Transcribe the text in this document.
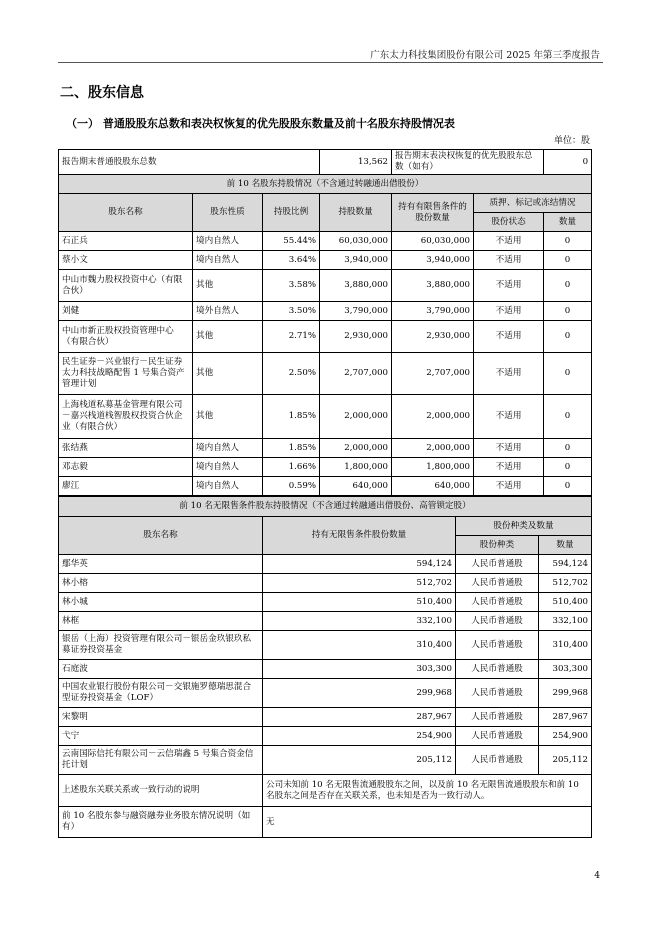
广东太力科技集团股份有限公司 2025 年第三季度报告
二、股东信息
（一） 普通股股东总数和表决权恢复的优先股股东数量及前十名股东持股情况表
单位：股
报告期末普通股股东总数			13,562	报告期末表决权恢复的优先股股东总数（如有）		0
前 10 名股东持股情况（不含通过转融通出借股份）						
股东名称	股东性质	持股比例	持股数量	持有有限售条件的股份数量	质押、标记或冻结情况	
					股份状态	数量
石正兵	境内自然人	55.44%	60,030,000	60,030,000	不适用	0
蔡小文	境内自然人	3.64%	3,940,000	3,940,000	不适用	0
中山市魏力股权投资中心（有限合伙）	其他	3.58%	3,880,000	3,880,000	不适用	0
刘健	境外自然人	3.50%	3,790,000	3,790,000	不适用	0
中山市新正股权投资管理中心（有限合伙）	其他	2.71%	2,930,000	2,930,000	不适用	0
民生证券－兴业银行－民生证券太力科技战略配售 1 号集合资产管理计划	其他	2.50%	2,707,000	2,707,000	不适用	0
上海栈道私募基金管理有限公司－嘉兴栈道栈智股权投资合伙企业（有限合伙）	其他	1.85%	2,000,000	2,000,000	不适用	0
张结燕	境内自然人	1.85%	2,000,000	2,000,000	不适用	0
邓志毅	境内自然人	1.66%	1,800,000	1,800,000	不适用	0
廖江	境内自然人	0.59%	640,000	640,000	不适用	0
前 10 名无限售条件股东持股情况（不含通过转融通出借股份、高管锁定股）			
股东名称	持有无限售条件股份数量	股份种类及数量	
		股份种类	数量
鄢华英	594,124	人民币普通股	594,124
林小榕	512,702	人民币普通股	512,702
林小城	510,400	人民币普通股	510,400
林框	332,100	人民币普通股	332,100
银岳（上海）投资管理有限公司－银岳金玖银玖私募证券投资基金	310,400	人民币普通股	310,400
石庭波	303,300	人民币普通股	303,300
中国农业银行股份有限公司－交银施罗德瑞思混合型证券投资基金（LOF）	299,968	人民币普通股	299,968
宋黎明	287,967	人民币普通股	287,967
弋宁	254,900	人民币普通股	254,900
云南国际信托有限公司－云信瑞鑫 5 号集合资金信托计划	205,112	人民币普通股	205,112
上述股东关联关系或一致行动的说明	公司未知前 10 名无限售流通股股东之间，以及前 10 名无限售流通股股东和前 10 名股东之间是否存在关联关系，也未知是否为一致行动人。		
前 10 名股东参与融资融券业务股东情况说明（如有）	无		
4
